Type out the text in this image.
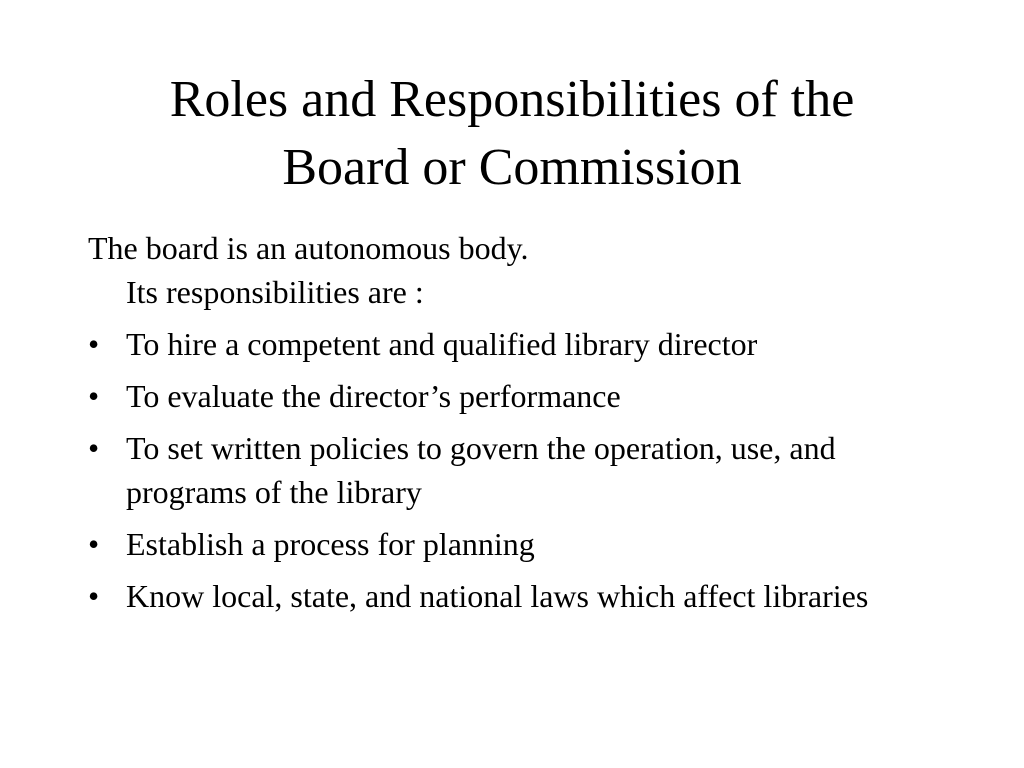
Roles and Responsibilities of the
Board or Commission

The board is an autonomous body.
Its responsibilities are :

• To hire a competent and qualified library director
• To evaluate the director’s performance
• To set written policies to govern the operation, use, and programs of the library
• Establish a process for planning
• Know local, state, and national laws which affect libraries
